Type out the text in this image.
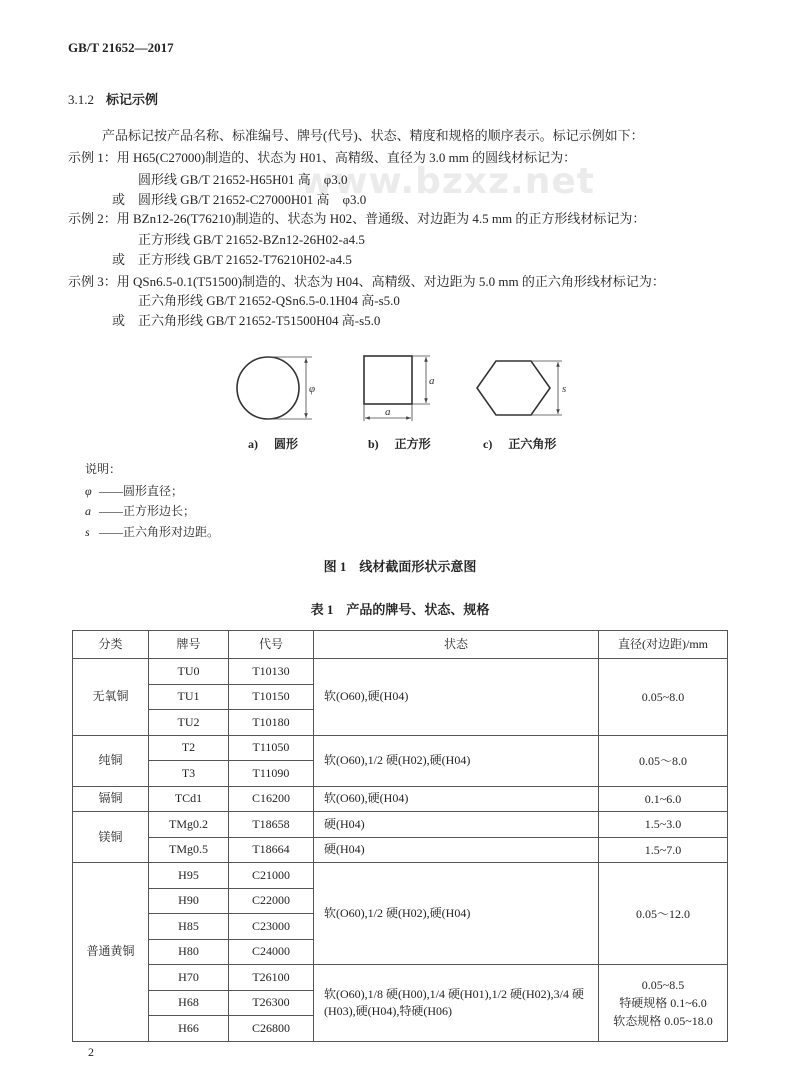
www.bzxz.net
GB/T 21652—2017
3.1.2 标记示例
产品标记按产品名称、标准编号、牌号(代号)、状态、精度和规格的顺序表示。标记示例如下：
示例 1：用 H65(C27000)制造的、状态为 H01、高精级、直径为 3.0 mm 的圆线材标记为：
圆形线 GB/T 21652-H65H01 高　φ3.0
或 圆形线 GB/T 21652-C27000H01 高　φ3.0
示例 2：用 BZn12-26(T76210)制造的、状态为 H02、普通级、对边距为 4.5 mm 的正方形线材标记为：
正方形线 GB/T 21652-BZn12-26H02-a4.5
或 正方形线 GB/T 21652-T76210H02-a4.5
示例 3：用 QSn6.5-0.1(T51500)制造的、状态为 H04、高精级、对边距为 5.0 mm 的正六角形线材标记为：
正六角形线 GB/T 21652-QSn6.5-0.1H04 高-s5.0
或 正六角形线 GB/T 21652-T51500H04 高-s5.0
φ
a
a
s
a) 圆形	b) 正方形	c) 正六角形
说明：
φ ——圆形直径；
a ——正方形边长；
s ——正六角形对边距。
图 1　线材截面形状示意图
表 1　产品的牌号、状态、规格
分类	牌号	代号	状态	直径(对边距)/mm
无氧铜	TU0	T10130	软(O60),硬(H04)	0.05~8.0

	TU1	T10150		
	TU2	T10180		
纯铜	T2	T11050	软(O60),1/2 硬(H02),硬(H04)	0.05～8.0

	T3	T11090		
镉铜	TCd1	C16200	软(O60),硬(H04)	0.1~6.0

镁铜	TMg0.2	T18658	硬(H04)	1.5~3.0

	TMg0.5	T18664	硬(H04)	1.5~7.0

普通黄铜	H95	C21000	软(O60),1/2 硬(H02),硬(H04)	0.05～12.0

	H90	C22000		
	H85	C23000		
	H80	C24000		
	H70	T26100	软(O60),1/8 硬(H00),1/4 硬(H01),1/2 硬(H02),3/4 硬(H03),硬(H04),特硬(H06)	0.05~8.5
特硬规格 0.1~6.0
软态规格 0.05~18.0

	H68	T26300		
	H66	C26800		
2
